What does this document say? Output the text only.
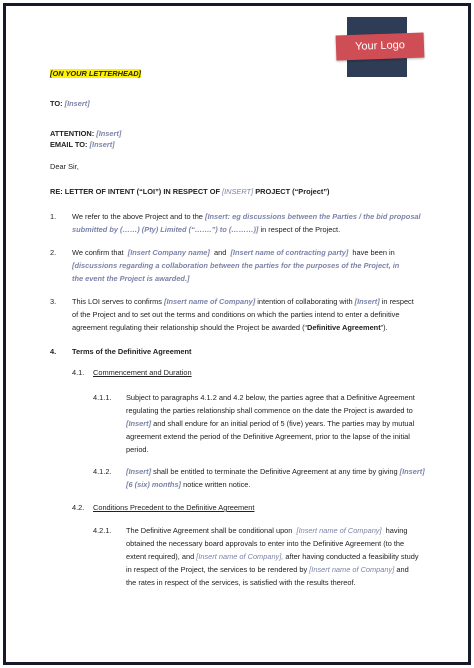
Your Logo
[ON YOUR LETTERHEAD]
TO: [Insert]
ATTENTION: [Insert]
EMAIL TO: [Insert]
Dear Sir,
RE: LETTER OF INTENT (“LOI”) IN RESPECT OF [INSERT] PROJECT (“Project”)
1. We refer to the above Project and to the [Insert: eg discussions between the Parties / the bid proposal
submitted by (……) (Pty) Limited (“…….”) to (………)] in respect of the Project.
2. We confirm that [Insert Company name] and [Insert name of contracting party] have been in
[discussions regarding a collaboration between the parties for the purposes of the Project, in
the event the Project is awarded.]
3. This LOI serves to confirms [Insert name of Company] intention of collaborating with [Insert] in respect
of the Project and to set out the terms and conditions on which the parties intend to enter a definitive
agreement regulating their relationship should the Project be awarded (“Definitive Agreement”).
4. Terms of the Definitive Agreement
4.1. Commencement and Duration
4.1.1. Subject to paragraphs 4.1.2 and 4.2 below, the parties agree that a Definitive Agreement
regulating the parties relationship shall commence on the date the Project is awarded to
[Insert] and shall endure for an initial period of 5 (five) years. The parties may by mutual
agreement extend the period of the Definitive Agreement, prior to the lapse of the initial
period.
4.1.2. [Insert] shall be entitled to terminate the Definitive Agreement at any time by giving [Insert]
[6 (six) months] notice written notice.
4.2. Conditions Precedent to the Definitive Agreement
4.2.1. The Definitive Agreement shall be conditional upon [Insert name of Company] having
obtained the necessary board approvals to enter into the Definitive Agreement (to the
extent required), and [Insert name of Company], after having conducted a feasibility study
in respect of the Project, the services to be rendered by [Insert name of Company] and
the rates in respect of the services, is satisfied with the results thereof.
